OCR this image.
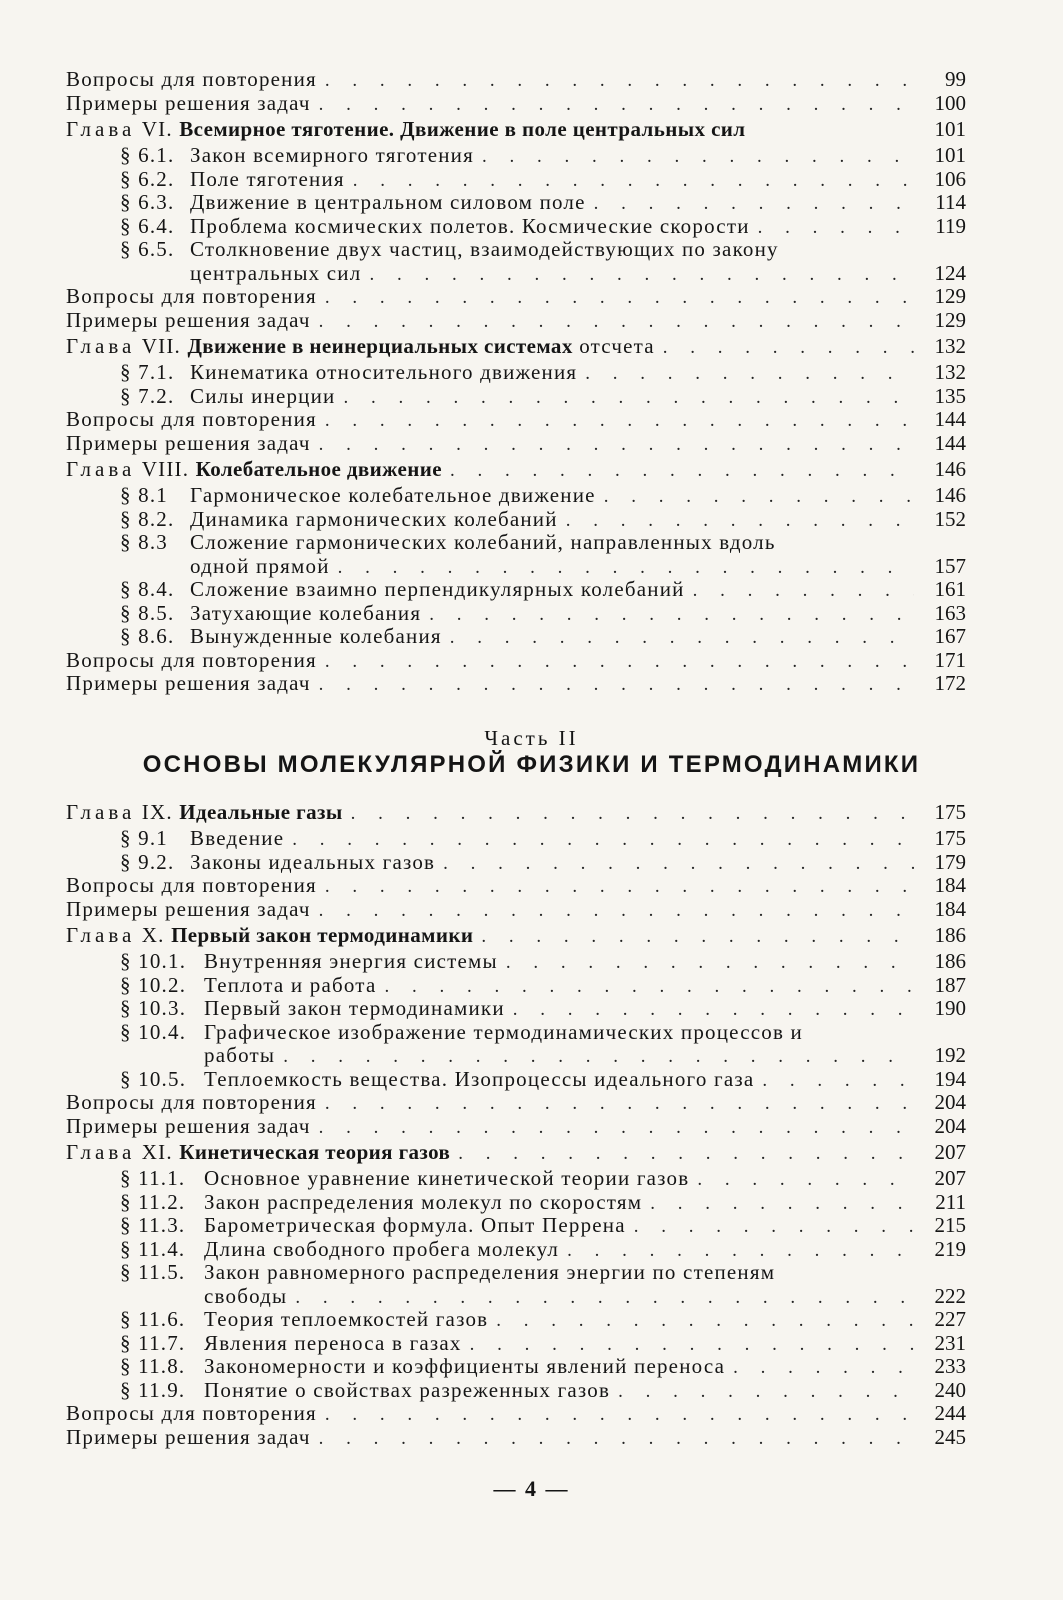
Вопросы для повторения . . .	99
Примеры решения задач . . .	100
Глава VI. Всемирное тяготение. Движение в поле центральных сил	101
§ 6.1. Закон всемирного тяготения . . .	101
§ 6.2. Поле тяготения . . .	106
§ 6.3. Движение в центральном силовом поле . . .	114
§ 6.4. Проблема космических полетов. Космические скорости . . .	119
§ 6.5. Столкновение двух частиц, взаимодействующих по закону
центральных сил . . .	124
Вопросы для повторения . . .	129
Примеры решения задач . . .	129
Глава VII. Движение в неинерциальных системах отсчета . . .	132
§ 7.1. Кинематика относительного движения . . .	132
§ 7.2. Силы инерции . . .	135
Вопросы для повторения . . .	144
Примеры решения задач . . .	144
Глава VIII. Колебательное движение . . .	146
§ 8.1	Гармоническое колебательное движение . . .	146
§ 8.2. Динамика гармонических колебаний . . .	152
§ 8.3	Сложение гармонических колебаний, направленных вдоль
одной прямой . . .	157
§ 8.4. Сложение взаимно перпендикулярных колебаний . . .	161
§ 8.5. Затухающие колебания . . .	163
§ 8.6. Вынужденные колебания . . .	167
Вопросы для повторения . . .	171
Примеры решения задач . . .	172
Часть II
ОСНОВЫ МОЛЕКУЛЯРНОЙ ФИЗИКИ И ТЕРМОДИНАМИКИ
Глава IX. Идеальные газы . . .	175
§ 9.1	Введение . . .	175
§ 9.2. Законы идеальных газов . . .	179
Вопросы для повторения . . .	184
Примеры решения задач . . .	184
Глава X. Первый закон термодинамики . . .	186
§ 10.1. Внутренняя энергия системы . . .	186
§ 10.2. Теплота и работа . . .	187
§ 10.3. Первый закон термодинамики . . .	190
§ 10.4. Графическое изображение термодинамических процессов и
работы . . .	192
§ 10.5. Теплоемкость вещества. Изопроцессы идеального газа . . .	194
Вопросы для повторения . . .	204
Примеры решения задач . . .	204
Глава XI. Кинетическая теория газов . . .	207
§ 11.1. Основное уравнение кинетической теории газов . . .	207
§ 11.2. Закон распределения молекул по скоростям . . .	211
§ 11.3. Барометрическая формула. Опыт Перрена . . .	215
§ 11.4. Длина свободного пробега молекул . . .	219
§ 11.5. Закон равномерного распределения энергии по степеням
свободы . . .	222
§ 11.6. Теория теплоемкостей газов . . .	227
§ 11.7. Явления переноса в газах . . .	231
§ 11.8. Закономерности и коэффициенты явлений переноса . . .	233
§ 11.9. Понятие о свойствах разреженных газов . . .	240
Вопросы для повторения . . .	244
Примеры решения задач . . .	245
— 4 —
